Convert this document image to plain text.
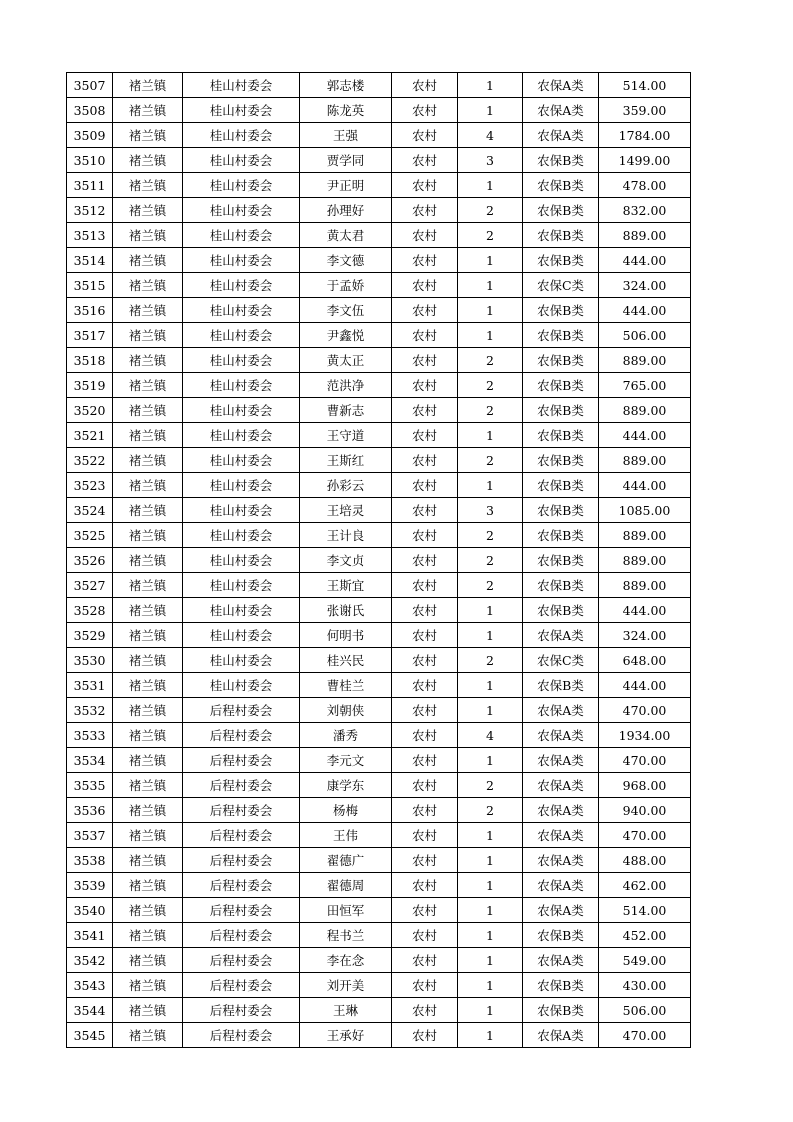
3507	褚兰镇	桂山村委会	郭志楼	农村	1	农保A类	514.00
3508	褚兰镇	桂山村委会	陈龙英	农村	1	农保A类	359.00
3509	褚兰镇	桂山村委会	王强	农村	4	农保A类	1784.00
3510	褚兰镇	桂山村委会	贾学同	农村	3	农保B类	1499.00
3511	褚兰镇	桂山村委会	尹正明	农村	1	农保B类	478.00
3512	褚兰镇	桂山村委会	孙理好	农村	2	农保B类	832.00
3513	褚兰镇	桂山村委会	黄太君	农村	2	农保B类	889.00
3514	褚兰镇	桂山村委会	李文德	农村	1	农保B类	444.00
3515	褚兰镇	桂山村委会	于孟娇	农村	1	农保C类	324.00
3516	褚兰镇	桂山村委会	李文伍	农村	1	农保B类	444.00
3517	褚兰镇	桂山村委会	尹鑫悦	农村	1	农保B类	506.00
3518	褚兰镇	桂山村委会	黄太正	农村	2	农保B类	889.00
3519	褚兰镇	桂山村委会	范洪净	农村	2	农保B类	765.00
3520	褚兰镇	桂山村委会	曹新志	农村	2	农保B类	889.00
3521	褚兰镇	桂山村委会	王守道	农村	1	农保B类	444.00
3522	褚兰镇	桂山村委会	王斯红	农村	2	农保B类	889.00
3523	褚兰镇	桂山村委会	孙彩云	农村	1	农保B类	444.00
3524	褚兰镇	桂山村委会	王培灵	农村	3	农保B类	1085.00
3525	褚兰镇	桂山村委会	王计良	农村	2	农保B类	889.00
3526	褚兰镇	桂山村委会	李文贞	农村	2	农保B类	889.00
3527	褚兰镇	桂山村委会	王斯宜	农村	2	农保B类	889.00
3528	褚兰镇	桂山村委会	张谢氏	农村	1	农保B类	444.00
3529	褚兰镇	桂山村委会	何明书	农村	1	农保A类	324.00
3530	褚兰镇	桂山村委会	桂兴民	农村	2	农保C类	648.00
3531	褚兰镇	桂山村委会	曹桂兰	农村	1	农保B类	444.00
3532	褚兰镇	后程村委会	刘朝侠	农村	1	农保A类	470.00
3533	褚兰镇	后程村委会	潘秀	农村	4	农保A类	1934.00
3534	褚兰镇	后程村委会	李元文	农村	1	农保A类	470.00
3535	褚兰镇	后程村委会	康学东	农村	2	农保A类	968.00
3536	褚兰镇	后程村委会	杨梅	农村	2	农保A类	940.00
3537	褚兰镇	后程村委会	王伟	农村	1	农保A类	470.00
3538	褚兰镇	后程村委会	翟德广	农村	1	农保A类	488.00
3539	褚兰镇	后程村委会	翟德周	农村	1	农保A类	462.00
3540	褚兰镇	后程村委会	田恒军	农村	1	农保A类	514.00
3541	褚兰镇	后程村委会	程书兰	农村	1	农保B类	452.00
3542	褚兰镇	后程村委会	李在念	农村	1	农保A类	549.00
3543	褚兰镇	后程村委会	刘开美	农村	1	农保B类	430.00
3544	褚兰镇	后程村委会	王琳	农村	1	农保B类	506.00
3545	褚兰镇	后程村委会	王承好	农村	1	农保A类	470.00
